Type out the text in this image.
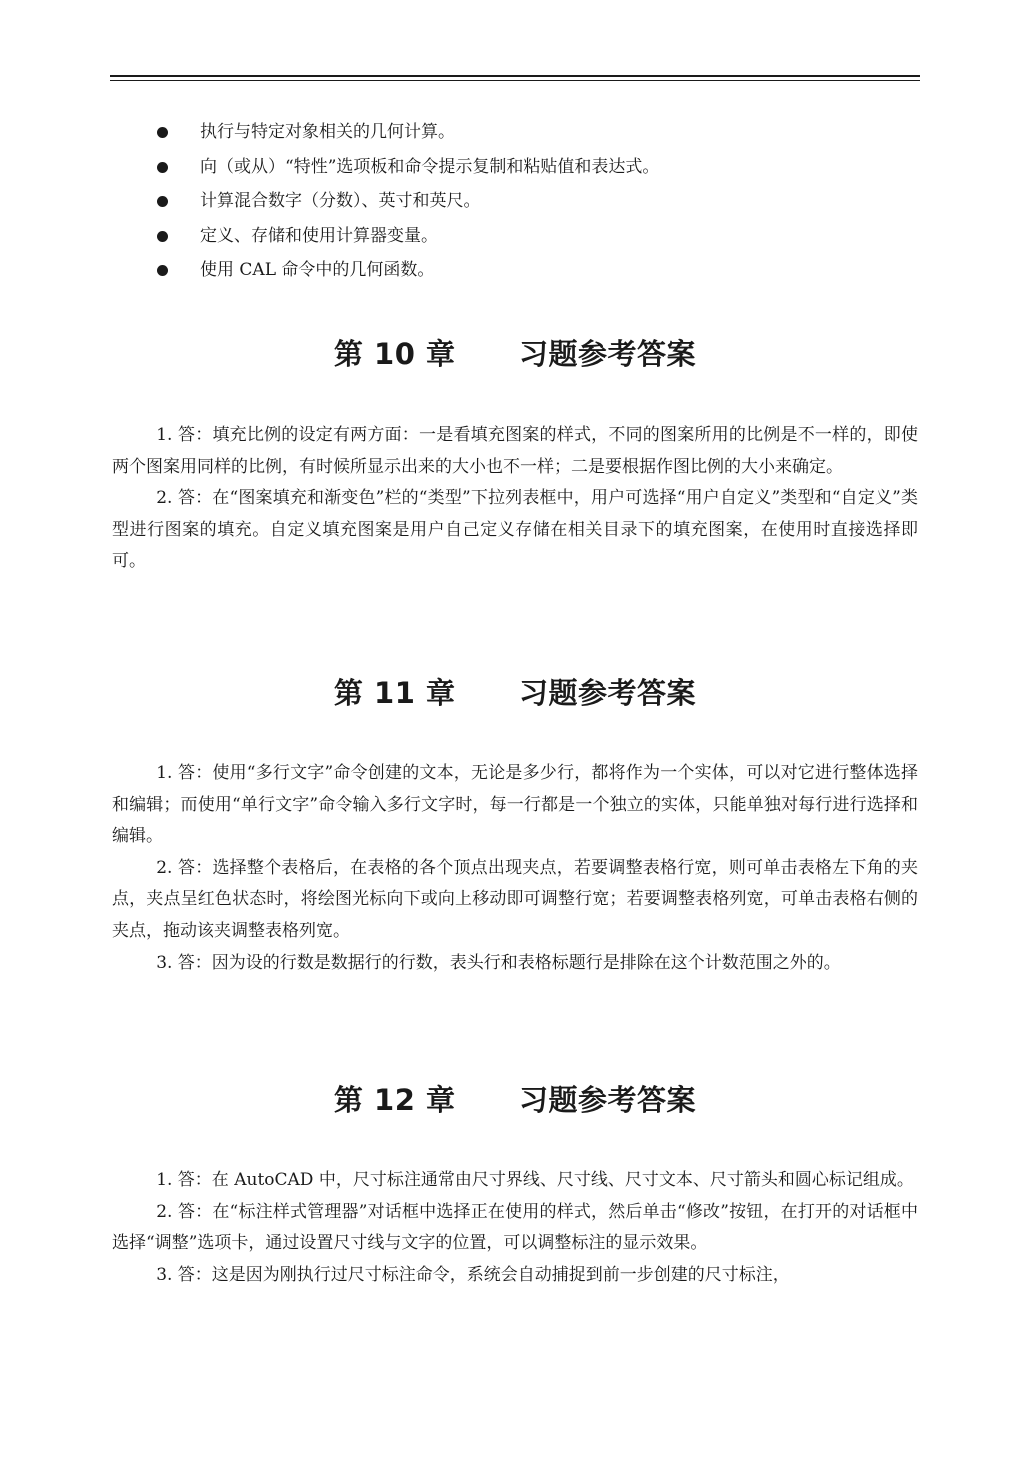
执行与特定对象相关的几何计算。
向（或从）“特性”选项板和命令提示复制和粘贴值和表达式。
计算混合数字（分数）、英寸和英尺。
定义、存储和使用计算器变量。
使用 CAL 命令中的几何函数。
第 10 章      习题参考答案

1. 答：填充比例的设定有两方面：一是看填充图案的样式，不同的图案所用的比例是不一样的，即使两个图案用同样的比例，有时候所显示出来的大小也不一样；二是要根据作图比例的大小来确定。

2. 答：在“图案填充和渐变色”栏的“类型”下拉列表框中，用户可选择“用户自定义”类型和“自定义”类型进行图案的填充。自定义填充图案是用户自己定义存储在相关目录下的填充图案，在使用时直接选择即可。

第 11 章      习题参考答案

1. 答：使用“多行文字”命令创建的文本，无论是多少行，都将作为一个实体，可以对它进行整体选择和编辑；而使用“单行文字”命令输入多行文字时，每一行都是一个独立的实体，只能单独对每行进行选择和编辑。

2. 答：选择整个表格后，在表格的各个顶点出现夹点，若要调整表格行宽，则可单击表格左下角的夹点，夹点呈红色状态时，将绘图光标向下或向上移动即可调整行宽；若要调整表格列宽，可单击表格右侧的夹点，拖动该夹调整表格列宽。

3. 答：因为设的行数是数据行的行数，表头行和表格标题行是排除在这个计数范围之外的。

第 12 章      习题参考答案

1. 答：在 AutoCAD 中，尺寸标注通常由尺寸界线、尺寸线、尺寸文本、尺寸箭头和圆心标记组成。

2. 答：在“标注样式管理器”对话框中选择正在使用的样式，然后单击“修改”按钮，在打开的对话框中选择“调整”选项卡，通过设置尺寸线与文字的位置，可以调整标注的显示效果。

3. 答：这是因为刚执行过尺寸标注命令，系统会自动捕捉到前一步创建的尺寸标注，
